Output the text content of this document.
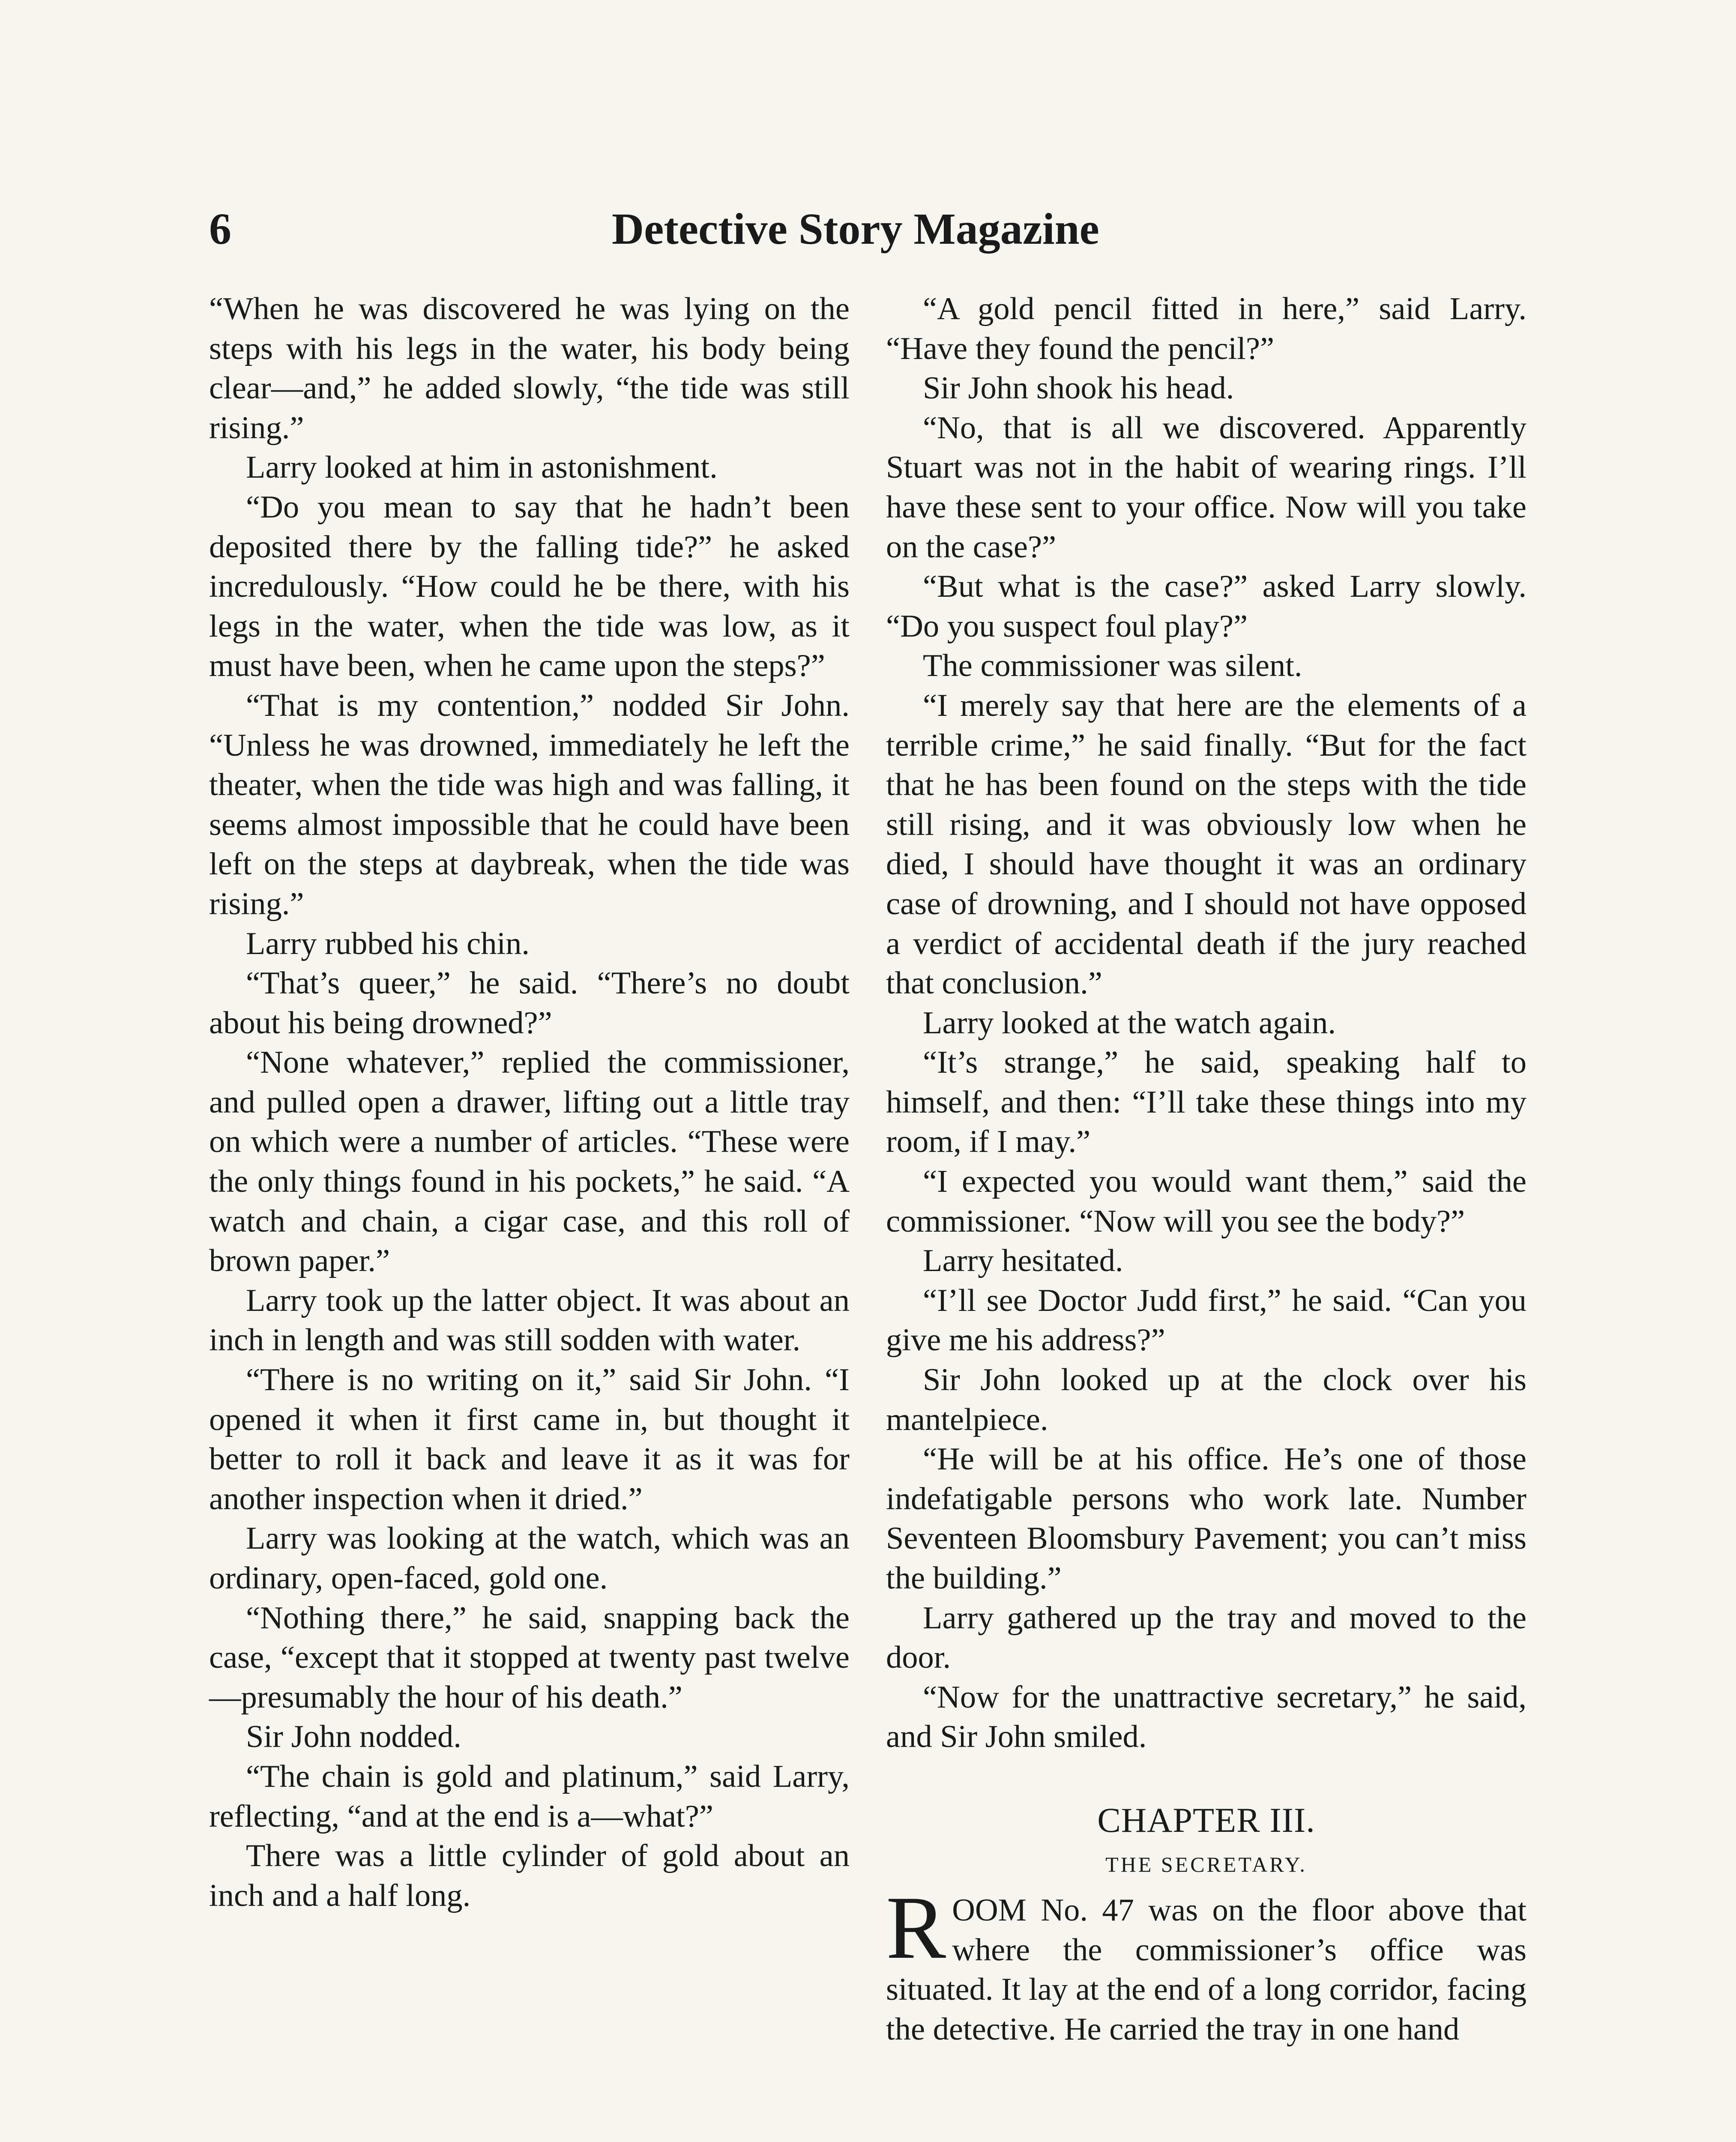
6	Detective Story Magazine

“When he was discovered he was lying on the steps with his legs in the water, his body being clear—and,” he added slowly, “the tide was still rising.”

Larry looked at him in astonishment.

“Do you mean to say that he hadn’t been deposited there by the falling tide?” he asked incredulously. “How could he be there, with his legs in the water, when the tide was low, as it must have been, when he came upon the steps?”

“That is my contention,” nodded Sir John. “Unless he was drowned, immediately he left the theater, when the tide was high and was falling, it seems almost impossible that he could have been left on the steps at daybreak, when the tide was rising.”

Larry rubbed his chin.

“That’s queer,” he said. “There’s no doubt about his being drowned?”

“None whatever,” replied the commissioner, and pulled open a drawer, lifting out a little tray on which were a number of articles. “These were the only things found in his pockets,” he said. “A watch and chain, a cigar case, and this roll of brown paper.”

Larry took up the latter object. It was about an inch in length and was still sodden with water.

“There is no writing on it,” said Sir John. “I opened it when it first came in, but thought it better to roll it back and leave it as it was for another inspection when it dried.”

Larry was looking at the watch, which was an ordinary, open-faced, gold one.

“Nothing there,” he said, snapping back the case, “except that it stopped at twenty past twelve—presumably the hour of his death.”

Sir John nodded.

“The chain is gold and platinum,” said Larry, reflecting, “and at the end is a—what?”

There was a little cylinder of gold about an inch and a half long.

“A gold pencil fitted in here,” said Larry. “Have they found the pencil?”

Sir John shook his head.

“No, that is all we discovered. Apparently Stuart was not in the habit of wearing rings. I’ll have these sent to your office. Now will you take on the case?”

“But what is the case?” asked Larry slowly. “Do you suspect foul play?”

The commissioner was silent.

“I merely say that here are the elements of a terrible crime,” he said finally. “But for the fact that he has been found on the steps with the tide still rising, and it was obviously low when he died, I should have thought it was an ordinary case of drowning, and I should not have opposed a verdict of accidental death if the jury reached that conclusion.”

Larry looked at the watch again.

“It’s strange,” he said, speaking half to himself, and then: “I’ll take these things into my room, if I may.”

“I expected you would want them,” said the commissioner. “Now will you see the body?”

Larry hesitated.

“I’ll see Doctor Judd first,” he said. “Can you give me his address?”

Sir John looked up at the clock over his mantelpiece.

“He will be at his office. He’s one of those indefatigable persons who work late. Number Seventeen Bloomsbury Pavement; you can’t miss the building.”

Larry gathered up the tray and moved to the door.

“Now for the unattractive secretary,” he said, and Sir John smiled.

CHAPTER III.
THE SECRETARY.

ROOM No. 47 was on the floor above that where the commissioner’s office was situated. It lay at the end of a long corridor, facing the detective. He carried the tray in one hand
